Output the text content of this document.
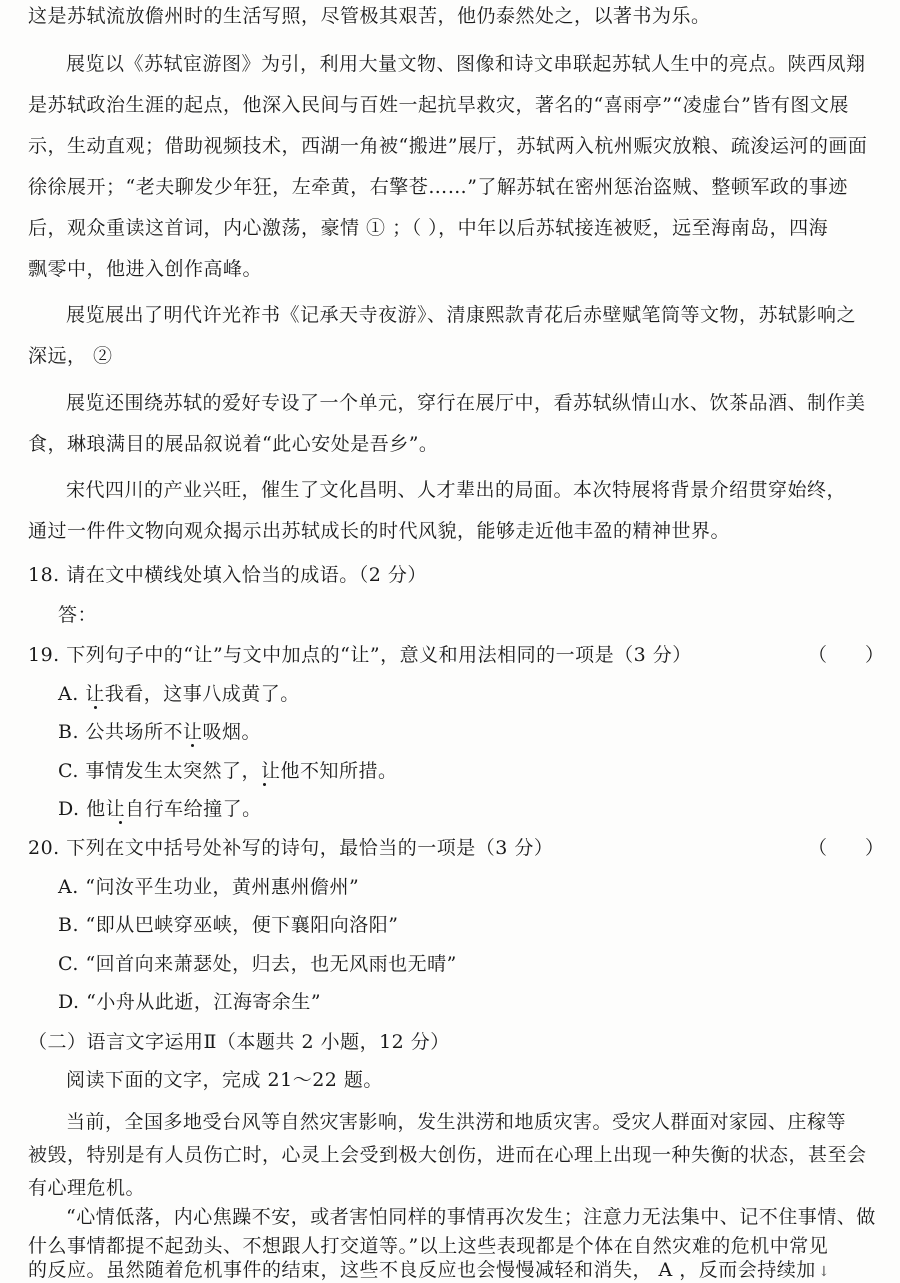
这是苏轼流放儋州时的生活写照，尽管极其艰苦，他仍泰然处之，以著书为乐。
展览以《苏轼宦游图》为引，利用大量文物、图像和诗文串联起苏轼人生中的亮点。陕西凤翔
是苏轼政治生涯的起点，他深入民间与百姓一起抗旱救灾，著名的“喜雨亭”“凌虚台”皆有图文展
示，生动直观；借助视频技术，西湖一角被“搬进”展厅，苏轼两入杭州赈灾放粮、疏浚运河的画面
徐徐展开；“老夫聊发少年狂，左牵黄，右擎苍……”了解苏轼在密州惩治盗贼、整顿军政的事迹
后，观众重读这首词，内心激荡，豪情 ① ；（ ），中年以后苏轼接连被贬，远至海南岛，四海
飘零中，他进入创作高峰。
展览展出了明代许光祚书《记承天寺夜游》、清康熙款青花后赤壁赋笔筒等文物，苏轼影响之
深远， ②
展览还围绕苏轼的爱好专设了一个单元，穿行在展厅中，看苏轼纵情山水、饮茶品酒、制作美
食，琳琅满目的展品叙说着“此心安处是吾乡”。
宋代四川的产业兴旺，催生了文化昌明、人才辈出的局面。本次特展将背景介绍贯穿始终，
通过一件件文物向观众揭示出苏轼成长的时代风貌，能够走近他丰盈的精神世界。
18. 请在文中横线处填入恰当的成语。（2 分）
答：
19. 下列句子中的“让”与文中加点的“让”，意义和用法相同的一项是（3 分）	（　　）
A. 让我看，这事八成黄了。
B. 公共场所不让吸烟。
C. 事情发生太突然了，让他不知所措。
D. 他让自行车给撞了。
20. 下列在文中括号处补写的诗句，最恰当的一项是（3 分）	（　　）
A. “问汝平生功业，黄州惠州儋州”
B. “即从巴峡穿巫峡，便下襄阳向洛阳”
C. “回首向来萧瑟处，归去，也无风雨也无晴”
D. “小舟从此逝，江海寄余生”
（二）语言文字运用Ⅱ（本题共 2 小题，12 分）
阅读下面的文字，完成 21～22 题。
当前，全国多地受台风等自然灾害影响，发生洪涝和地质灾害。受灾人群面对家园、庄稼等
被毁，特别是有人员伤亡时，心灵上会受到极大创伤，进而在心理上出现一种失衡的状态，甚至会
有心理危机。
“心情低落，内心焦躁不安，或者害怕同样的事情再次发生；注意力无法集中、记不住事情、做
什么事情都提不起劲头、不想跟人打交道等。”以上这些表现都是个体在自然灾难的危机中常见
的反应。虽然随着危机事件的结束，这些不良反应也会慢慢减轻和消失， A ，反而会持续加 ↓
